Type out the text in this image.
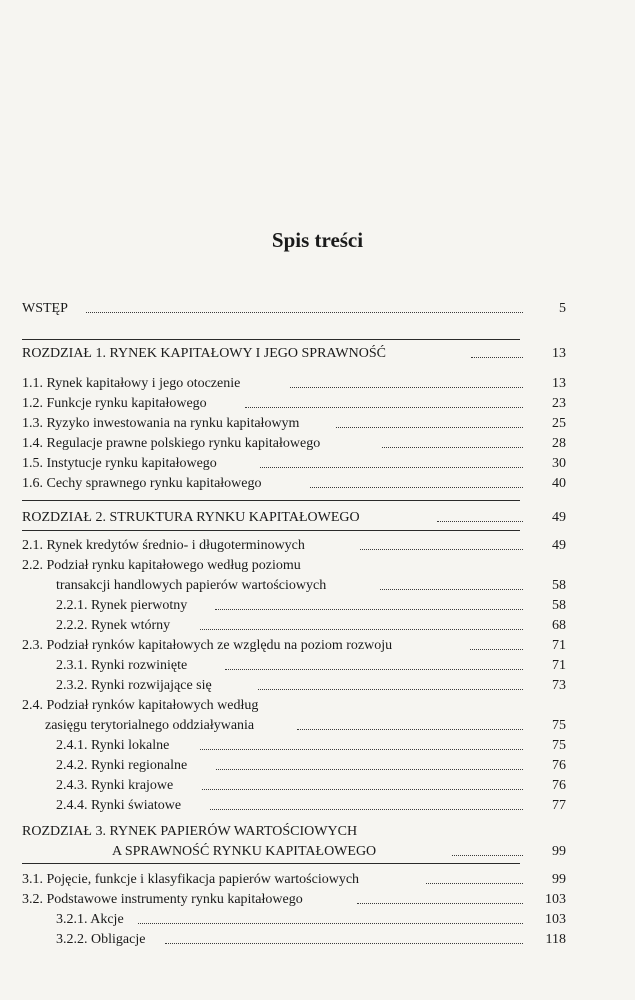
Spis treści
WSTĘP	5
ROZDZIAŁ 1. RYNEK KAPITAŁOWY I JEGO SPRAWNOŚĆ	13
1.1. Rynek kapitałowy i jego otoczenie	13
1.2. Funkcje rynku kapitałowego	23
1.3. Ryzyko inwestowania na rynku kapitałowym	25
1.4. Regulacje prawne polskiego rynku kapitałowego	28
1.5. Instytucje rynku kapitałowego	30
1.6. Cechy sprawnego rynku kapitałowego	40
ROZDZIAŁ 2. STRUKTURA RYNKU KAPITAŁOWEGO	49
2.1. Rynek kredytów średnio- i długoterminowych	49
2.2. Podział rynku kapitałowego według poziomu
transakcji handlowych papierów wartościowych	58
2.2.1. Rynek pierwotny	58
2.2.2. Rynek wtórny	68
2.3. Podział rynków kapitałowych ze względu na poziom rozwoju	71
2.3.1. Rynki rozwinięte	71
2.3.2. Rynki rozwijające się	73
2.4. Podział rynków kapitałowych według
zasięgu terytorialnego oddziaływania	75
2.4.1. Rynki lokalne	75
2.4.2. Rynki regionalne	76
2.4.3. Rynki krajowe	76
2.4.4. Rynki światowe	77
ROZDZIAŁ 3. RYNEK PAPIERÓW WARTOŚCIOWYCH
A SPRAWNOŚĆ RYNKU KAPITAŁOWEGO	99
3.1. Pojęcie, funkcje i klasyfikacja papierów wartościowych	99
3.2. Podstawowe instrumenty rynku kapitałowego	103
3.2.1. Akcje	103
3.2.2. Obligacje	118
